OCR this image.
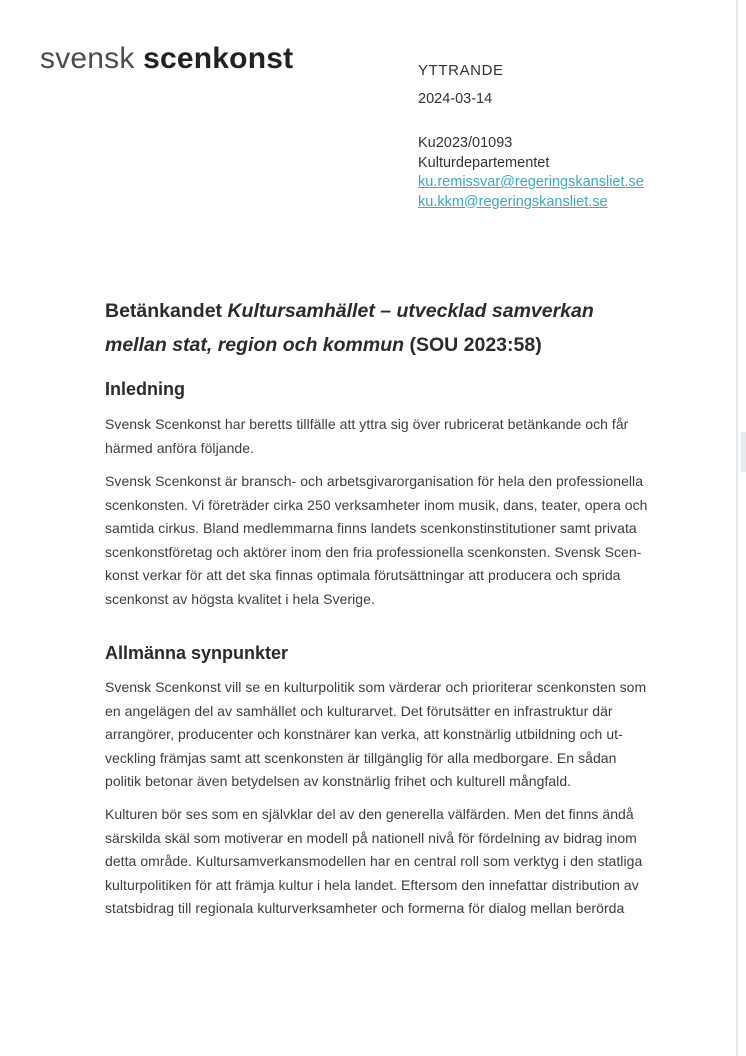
svensk scenkonst	YTTRANDE
2024-03-14
Ku2023/01093
Kulturdepartementet
ku.remissvar@regeringskansliet.se
ku.kkm@regeringskansliet.se
Betänkandet Kultursamhället – utvecklad samverkan
mellan stat, region och kommun (SOU 2023:58)
Inledning
Svensk Scenkonst har beretts tillfälle att yttra sig över rubricerat betänkande och får
härmed anföra följande.
Svensk Scenkonst är bransch- och arbetsgivarorganisation för hela den professionella
scenkonsten. Vi företräder cirka 250 verksamheter inom musik, dans, teater, opera och
samtida cirkus. Bland medlemmarna finns landets scenkonstinstitutioner samt privata
scenkonstföretag och aktörer inom den fria professionella scenkonsten. Svensk Scen-
konst verkar för att det ska finnas optimala förutsättningar att producera och sprida
scenkonst av högsta kvalitet i hela Sverige.
Allmänna synpunkter
Svensk Scenkonst vill se en kulturpolitik som värderar och prioriterar scenkonsten som
en angelägen del av samhället och kulturarvet. Det förutsätter en infrastruktur där
arrangörer, producenter och konstnärer kan verka, att konstnärlig utbildning och ut-
veckling främjas samt att scenkonsten är tillgänglig för alla medborgare. En sådan
politik betonar även betydelsen av konstnärlig frihet och kulturell mångfald.
Kulturen bör ses som en självklar del av den generella välfärden. Men det finns ändå
särskilda skäl som motiverar en modell på nationell nivå för fördelning av bidrag inom
detta område. Kultursamverkansmodellen har en central roll som verktyg i den statliga
kulturpolitiken för att främja kultur i hela landet. Eftersom den innefattar distribution av
statsbidrag till regionala kulturverksamheter och formerna för dialog mellan berörda
